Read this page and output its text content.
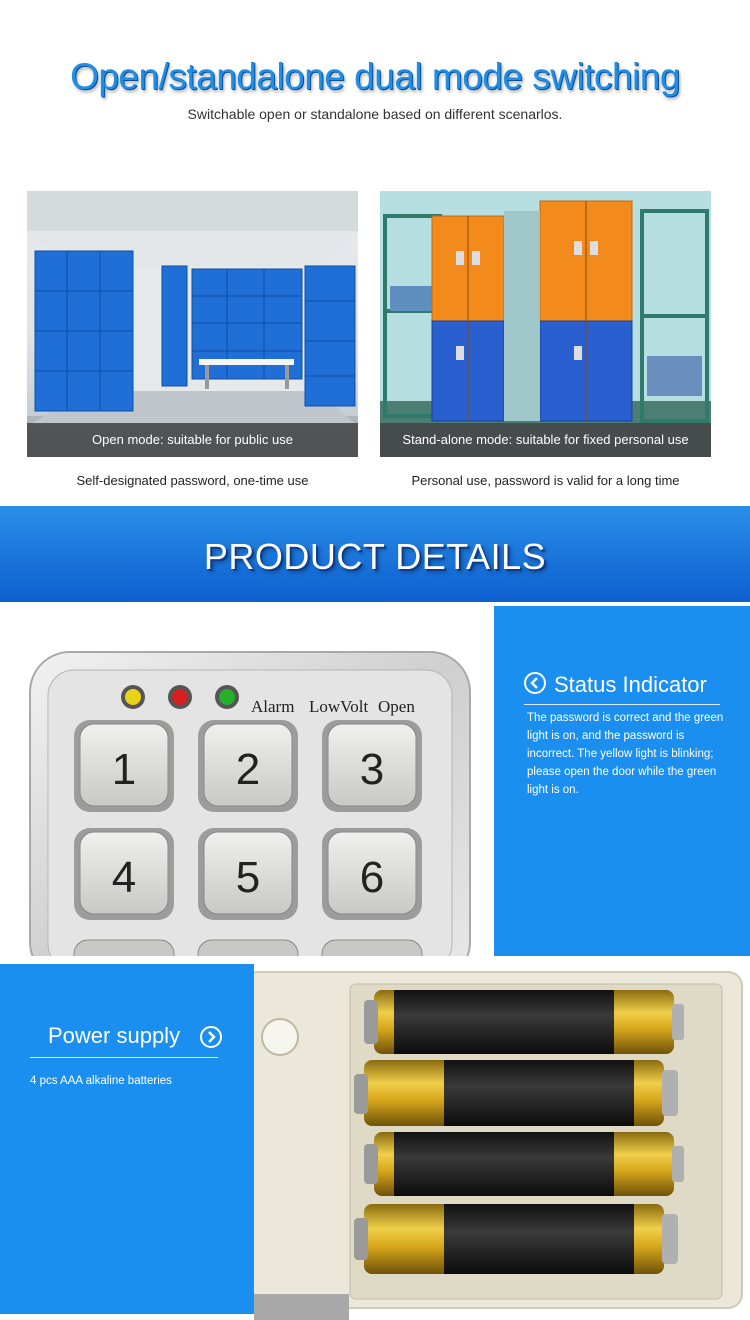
Open/standalone dual mode switching
Switchable open or standalone based on different scenarlos.
Open mode: suitable for public use
Self-designated password, one-time use
Stand-alone mode: suitable for fixed personal use
Personal use, password is valid for a long time
PRODUCT DETAILS
Alarm LowVolt Open
1 2 3
4 5 6
Status Indicator
The password is correct and the green light is on, and the password is incorrect. The yellow light is blinking; please open the door while the green light is on.
Power supply
4 pcs AAA alkaline batteries
